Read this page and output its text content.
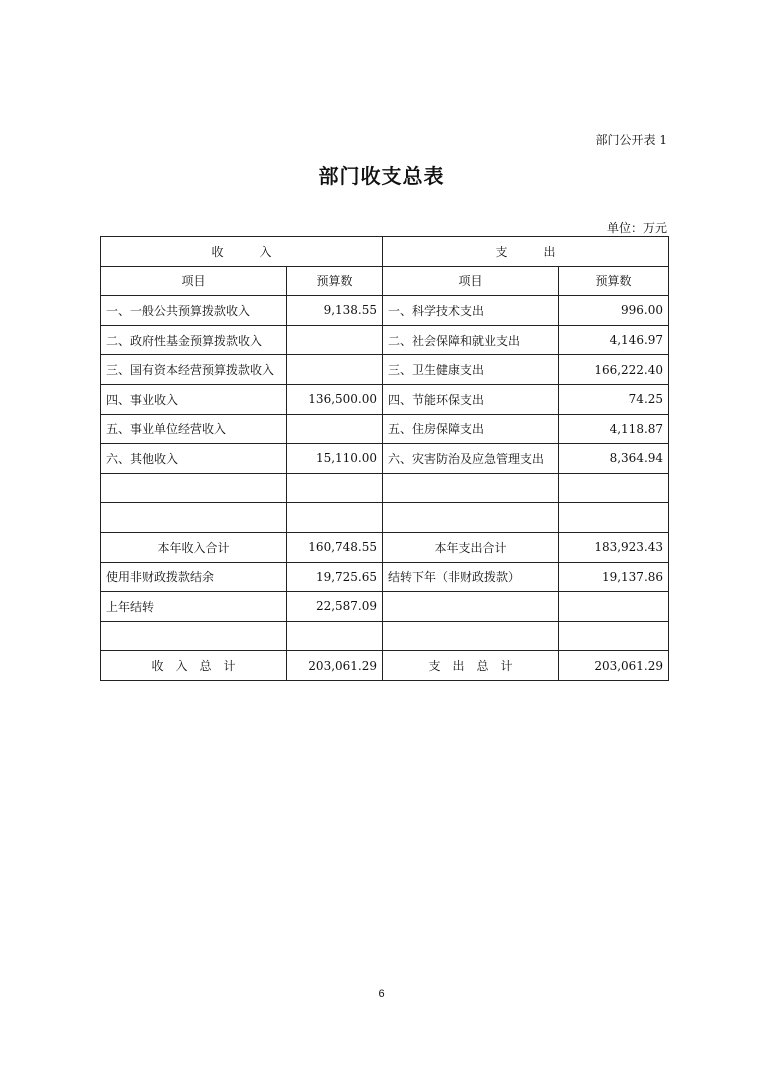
部门公开表 1
部门收支总表
单位：万元
收　　　入		支　　　出	
项目	预算数	项目	预算数
一、一般公共预算拨款收入	9,138.55	一、科学技术支出	996.00
二、政府性基金预算拨款收入		二、社会保障和就业支出	4,146.97
三、国有资本经营预算拨款收入		三、卫生健康支出	166,222.40
四、事业收入	136,500.00	四、节能环保支出	74.25
五、事业单位经营收入		五、住房保障支出	4,118.87
六、其他收入	15,110.00	六、灾害防治及应急管理支出	8,364.94

本年收入合计	160,748.55	本年支出合计	183,923.43
使用非财政拨款结余	19,725.65	结转下年（非财政拨款）	19,137.86
上年结转	22,587.09		

收　入　总　计	203,061.29	支　出　总　计	203,061.29
6
